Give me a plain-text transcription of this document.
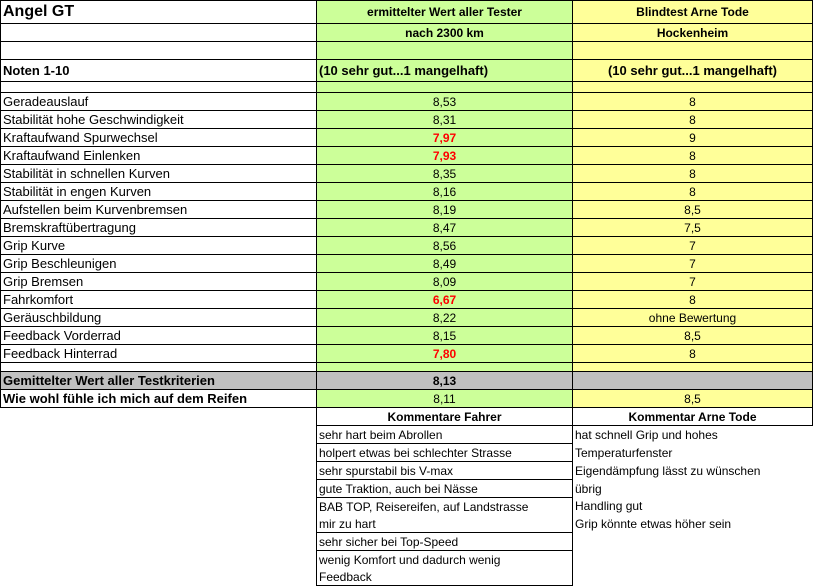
Angel GT	ermittelter Wert aller Tester	Blindtest Arne Tode
	nach 2300 km	Hockenheim

Noten 1-10	(10 sehr gut...1 mangelhaft)	(10 sehr gut...1 mangelhaft)

Geradeauslauf	8,53	8
Stabilität hohe Geschwindigkeit	8,31	8
Kraftaufwand Spurwechsel	7,97	9
Kraftaufwand Einlenken	7,93	8
Stabilität in schnellen Kurven	8,35	8
Stabilität in engen Kurven	8,16	8
Aufstellen beim Kurvenbremsen	8,19	8,5
Bremskraftübertragung	8,47	7,5
Grip Kurve	8,56	7
Grip Beschleunigen	8,49	7
Grip Bremsen	8,09	7
Fahrkomfort	6,67	8
Geräuschbildung	8,22	ohne Bewertung
Feedback Vorderrad	8,15	8,5
Feedback Hinterrad	7,80	8

Gemittelter Wert aller Testkriterien	8,13	
Wie wohl fühle ich mich auf dem Reifen	8,11	8,5
	Kommentare Fahrer	Kommentar Arne Tode
	sehr hart beim Abrollen	hat schnell Grip und hohes
	holpert etwas bei schlechter Strasse	Temperaturfenster
	sehr spurstabil bis V-max	Eigendämpfung lässt zu wünschen
	gute Traktion, auch bei Nässe	übrig
	BAB TOP, Reisereifen, auf Landstrasse	Handling gut
	mir zu hart	Grip könnte etwas höher sein
	sehr sicher bei Top-Speed	
	wenig Komfort und dadurch wenig	
	Feedback	
